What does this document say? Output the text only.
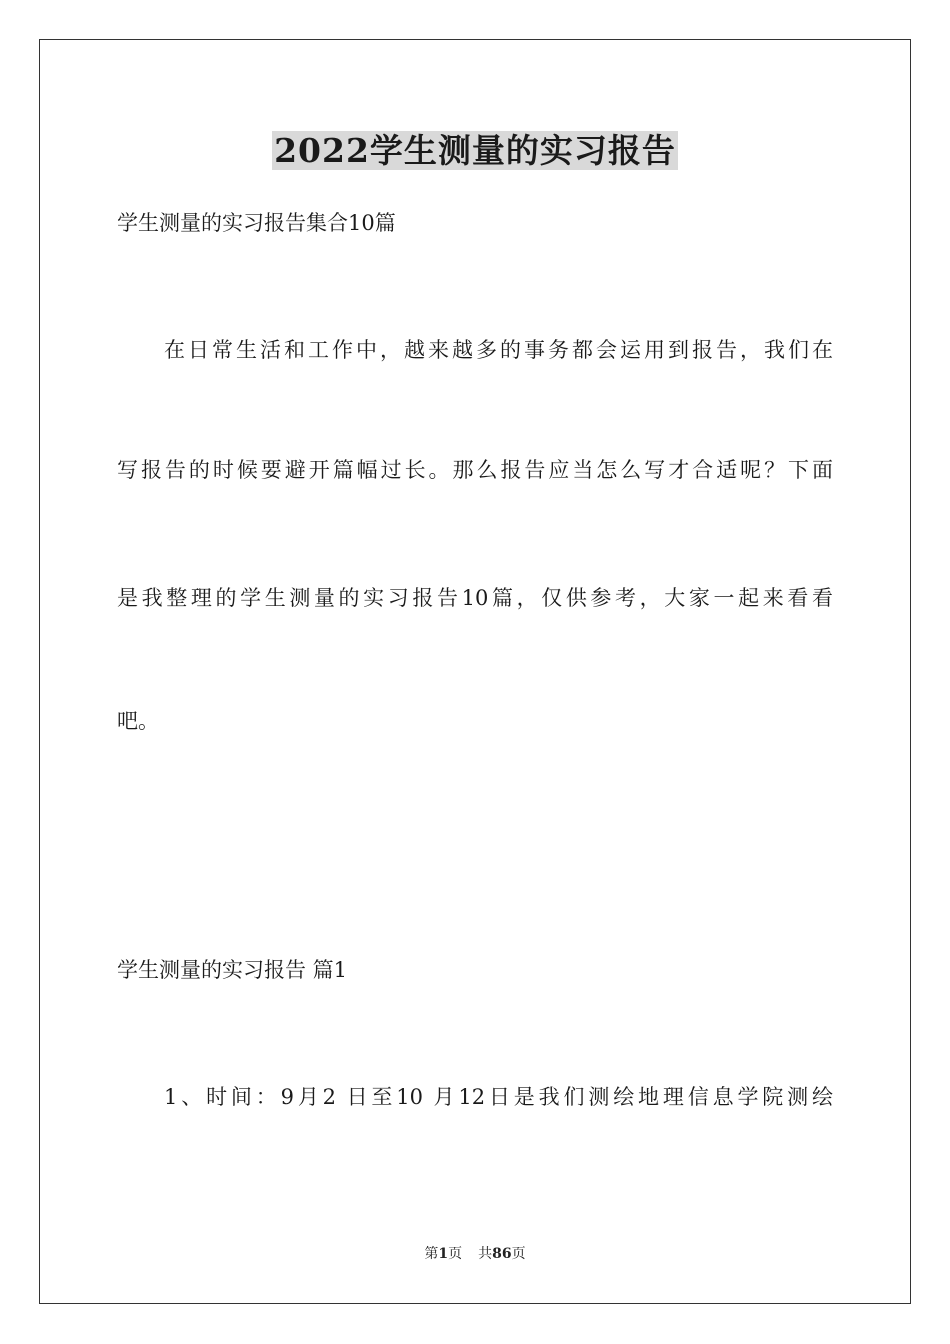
2022学生测量的实习报告

学生测量的实习报告集合10篇

在日常生活和工作中，越来越多的事务都会运用到报告，我们在

写报告的时候要避开篇幅过长。那么报告应当怎么写才合适呢？下面

是我整理的学生测量的实习报告10篇，仅供参考，大家一起来看看

吧。

学生测量的实习报告 篇1

1、时间：9月2 日至10 月12日是我们测绘地理信息学院测绘

第1页 共86页
